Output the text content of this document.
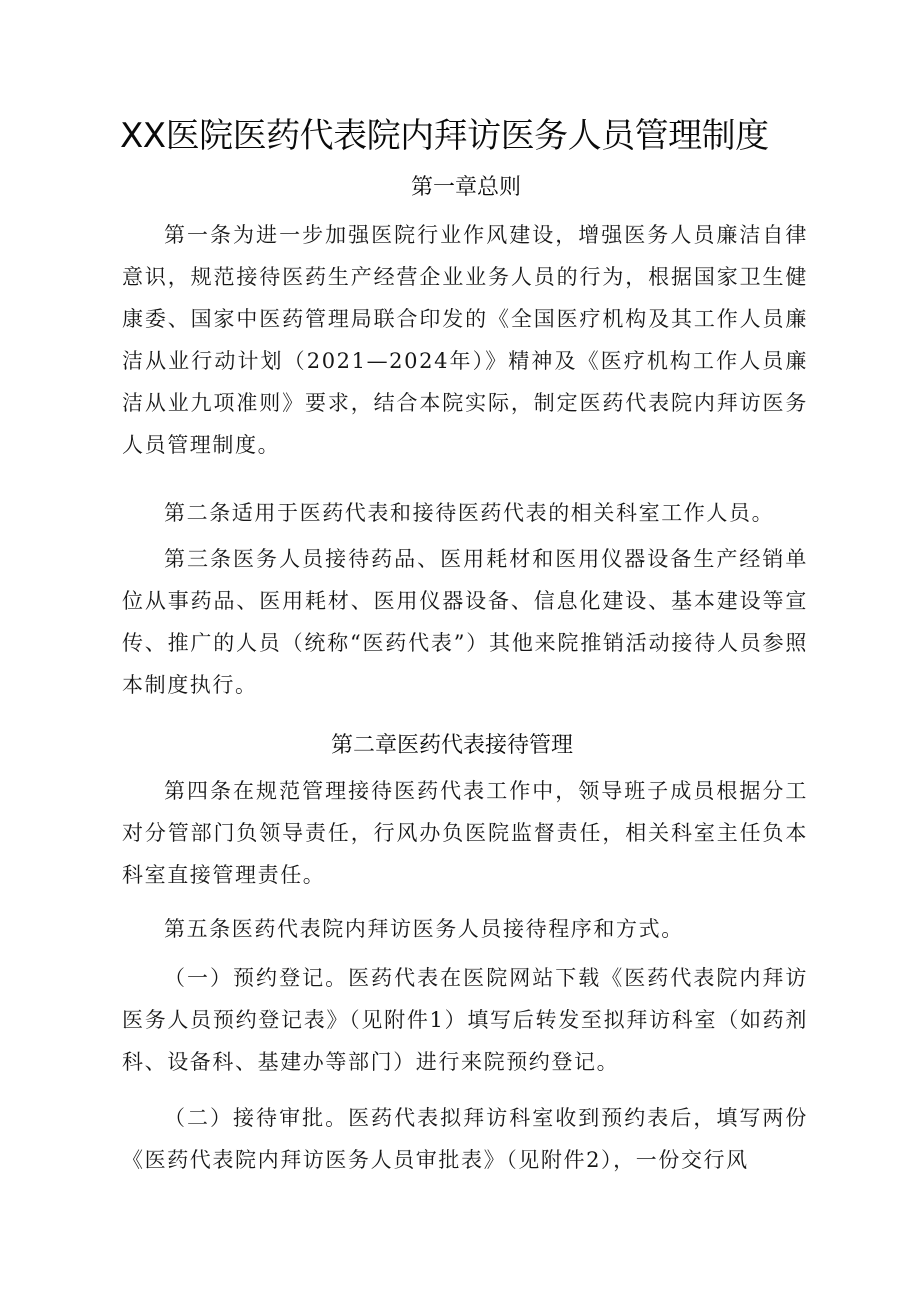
XX医院医药代表院内拜访医务人员管理制度
第一章总则
第一条为进一步加强医院行业作风建设，增强医务人员廉洁自律意识，规范接待医药生产经营企业业务人员的行为，根据国家卫生健康委、国家中医药管理局联合印发的《全国医疗机构及其工作人员廉洁从业行动计划（2021—2024年）》精神及《医疗机构工作人员廉洁从业九项准则》要求，结合本院实际，制定医药代表院内拜访医务人员管理制度。
第二条适用于医药代表和接待医药代表的相关科室工作人员。
第三条医务人员接待药品、医用耗材和医用仪器设备生产经销单位从事药品、医用耗材、医用仪器设备、信息化建设、基本建设等宣传、推广的人员（统称“医药代表”）其他来院推销活动接待人员参照本制度执行。
第二章医药代表接待管理
第四条在规范管理接待医药代表工作中，领导班子成员根据分工对分管部门负领导责任，行风办负医院监督责任，相关科室主任负本科室直接管理责任。
第五条医药代表院内拜访医务人员接待程序和方式。
（一）预约登记。医药代表在医院网站下载《医药代表院内拜访医务人员预约登记表》（见附件1）填写后转发至拟拜访科室（如药剂科、设备科、基建办等部门）进行来院预约登记。
（二）接待审批。医药代表拟拜访科室收到预约表后，填写两份《医药代表院内拜访医务人员审批表》（见附件2），一份交行风
